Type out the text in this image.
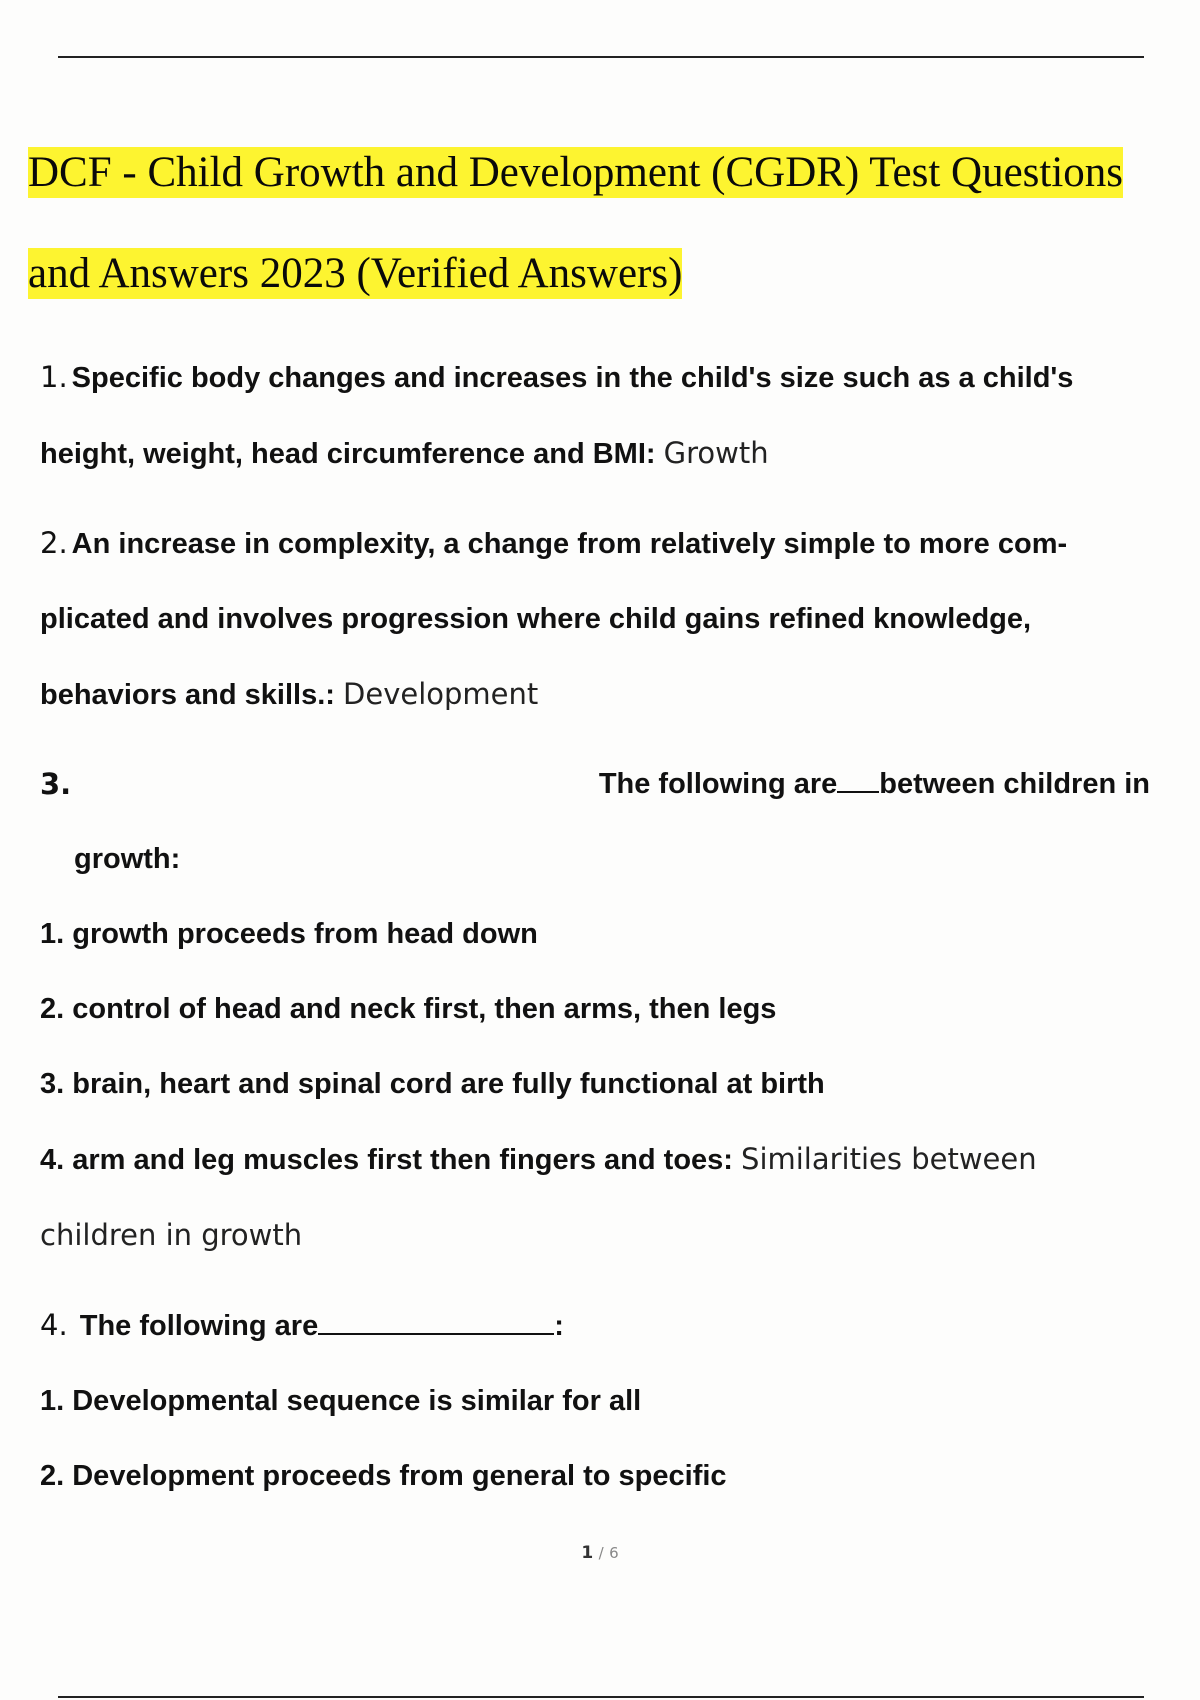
DCF - Child Growth and Development (CGDR) Test Questions
and Answers 2023 (Verified Answers)

1. Specific body changes and increases in the child's size such as a child's height, weight, head circumference and BMI: Growth

2. An increase in complexity, a change from relatively simple to more com- plicated and involves progression where child gains refined knowledge, behaviors and skills.: Development

3.	The following are between children in
growth:

1. growth proceeds from head down

2. control of head and neck first, then arms, then legs

3. brain, heart and spinal cord are fully functional at birth

4. arm and leg muscles first then fingers and toes: Similarities between children in growth

4. The following are	:

1. Developmental sequence is similar for all

2. Development proceeds from general to specific

1 / 6
